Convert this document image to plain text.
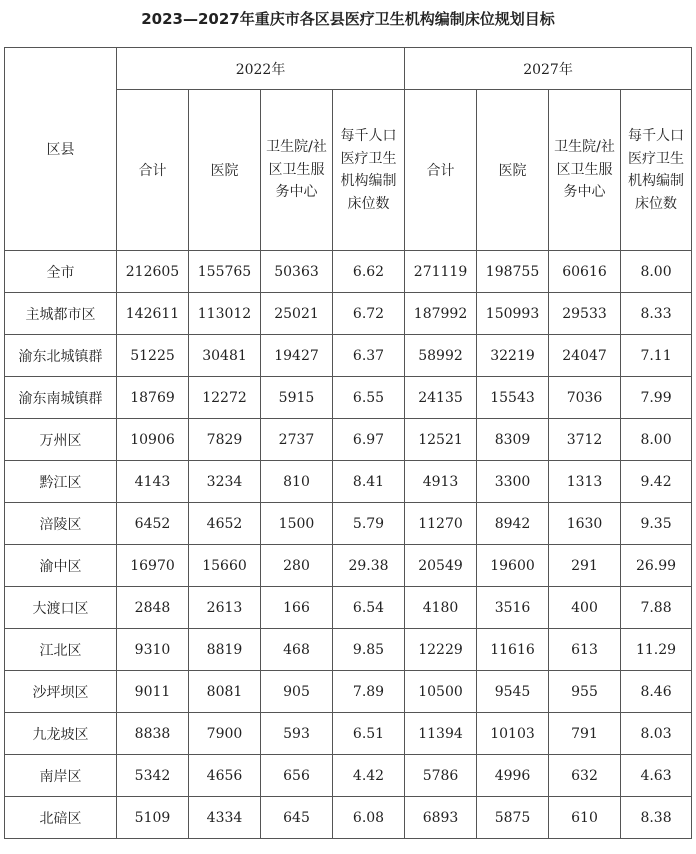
2023—2027年重庆市各区县医疗卫生机构编制床位规划目标
区县	2022年				2027年			
	合计	医院	卫生院/社区卫生服务中心	每千人口医疗卫生机构编制床位数	合计	医院	卫生院/社区卫生服务中心	每千人口医疗卫生机构编制床位数
全市	212605	155765	50363	6.62	271119	198755	60616	8.00
主城都市区	142611	113012	25021	6.72	187992	150993	29533	8.33
渝东北城镇群	51225	30481	19427	6.37	58992	32219	24047	7.11
渝东南城镇群	18769	12272	5915	6.55	24135	15543	7036	7.99
万州区	10906	7829	2737	6.97	12521	8309	3712	8.00
黔江区	4143	3234	810	8.41	4913	3300	1313	9.42
涪陵区	6452	4652	1500	5.79	11270	8942	1630	9.35
渝中区	16970	15660	280	29.38	20549	19600	291	26.99
大渡口区	2848	2613	166	6.54	4180	3516	400	7.88
江北区	9310	8819	468	9.85	12229	11616	613	11.29
沙坪坝区	9011	8081	905	7.89	10500	9545	955	8.46
九龙坡区	8838	7900	593	6.51	11394	10103	791	8.03
南岸区	5342	4656	656	4.42	5786	4996	632	4.63
北碚区	5109	4334	645	6.08	6893	5875	610	8.38
